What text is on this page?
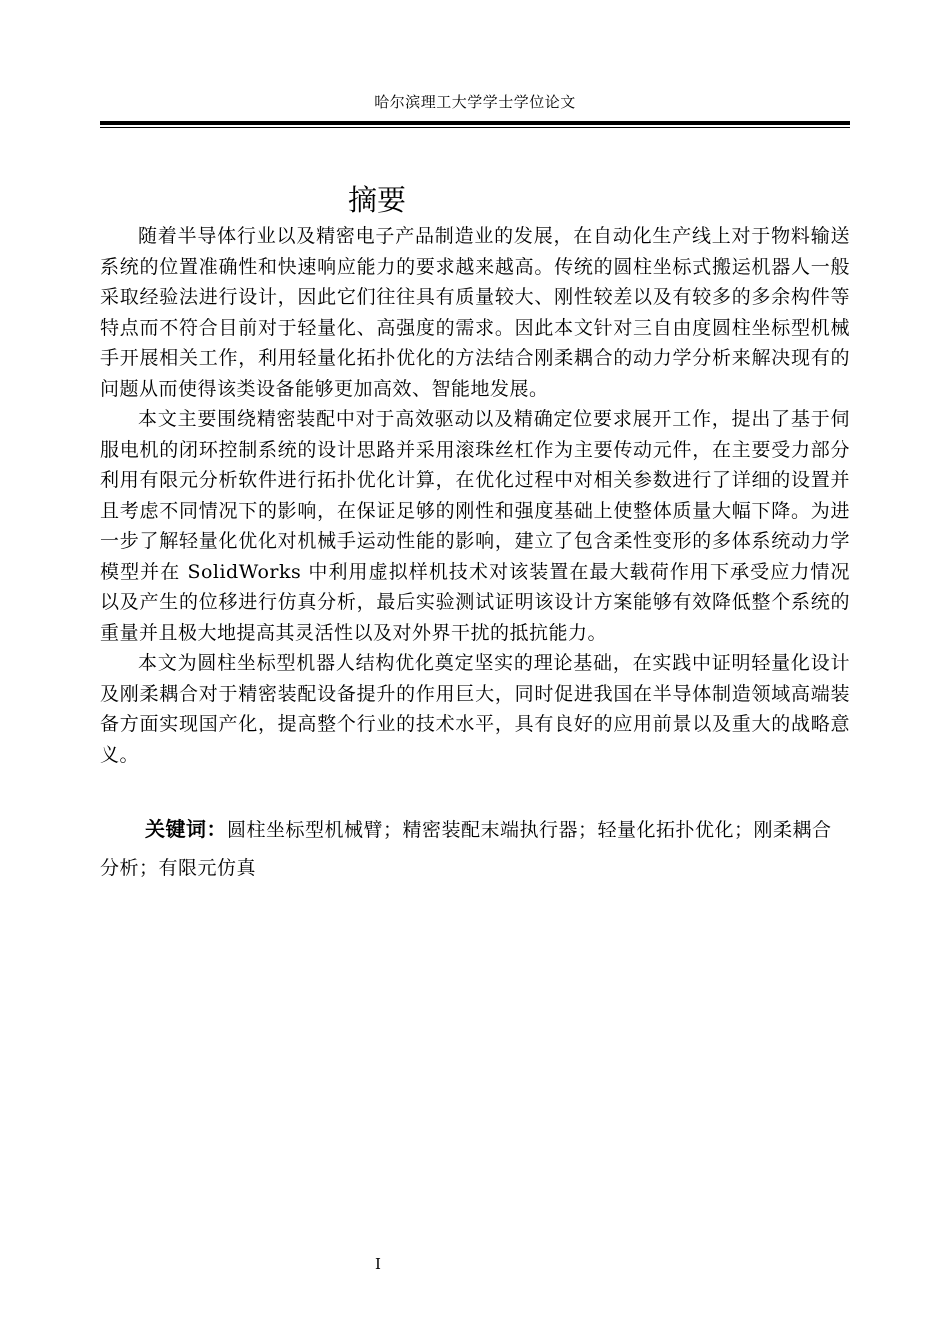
哈尔滨理工大学学士学位论文
摘要

随着半导体行业以及精密电子产品制造业的发展，在自动化生产线上对于物料输送系统的位置准确性和快速响应能力的要求越来越高。传统的圆柱坐标式搬运机器人一般采取经验法进行设计，因此它们往往具有质量较大、刚性较差以及有较多的多余构件等特点而不符合目前对于轻量化、高强度的需求。因此本文针对三自由度圆柱坐标型机械手开展相关工作，利用轻量化拓扑优化的方法结合刚柔耦合的动力学分析来解决现有的问题从而使得该类设备能够更加高效、智能地发展。

本文主要围绕精密装配中对于高效驱动以及精确定位要求展开工作，提出了基于伺服电机的闭环控制系统的设计思路并采用滚珠丝杠作为主要传动元件，在主要受力部分利用有限元分析软件进行拓扑优化计算，在优化过程中对相关参数进行了详细的设置并且考虑不同情况下的影响，在保证足够的刚性和强度基础上使整体质量大幅下降。为进一步了解轻量化优化对机械手运动性能的影响，建立了包含柔性变形的多体系统动力学模型并在 SolidWorks 中利用虚拟样机技术对该装置在最大载荷作用下承受应力情况以及产生的位移进行仿真分析，最后实验测试证明该设计方案能够有效降低整个系统的重量并且极大地提高其灵活性以及对外界干扰的抵抗能力。

本文为圆柱坐标型机器人结构优化奠定坚实的理论基础，在实践中证明轻量化设计及刚柔耦合对于精密装配设备提升的作用巨大，同时促进我国在半导体制造领域高端装备方面实现国产化，提高整个行业的技术水平，具有良好的应用前景以及重大的战略意义。

关键词：圆柱坐标型机械臂；精密装配末端执行器；轻量化拓扑优化；刚柔耦合分析；有限元仿真

I
